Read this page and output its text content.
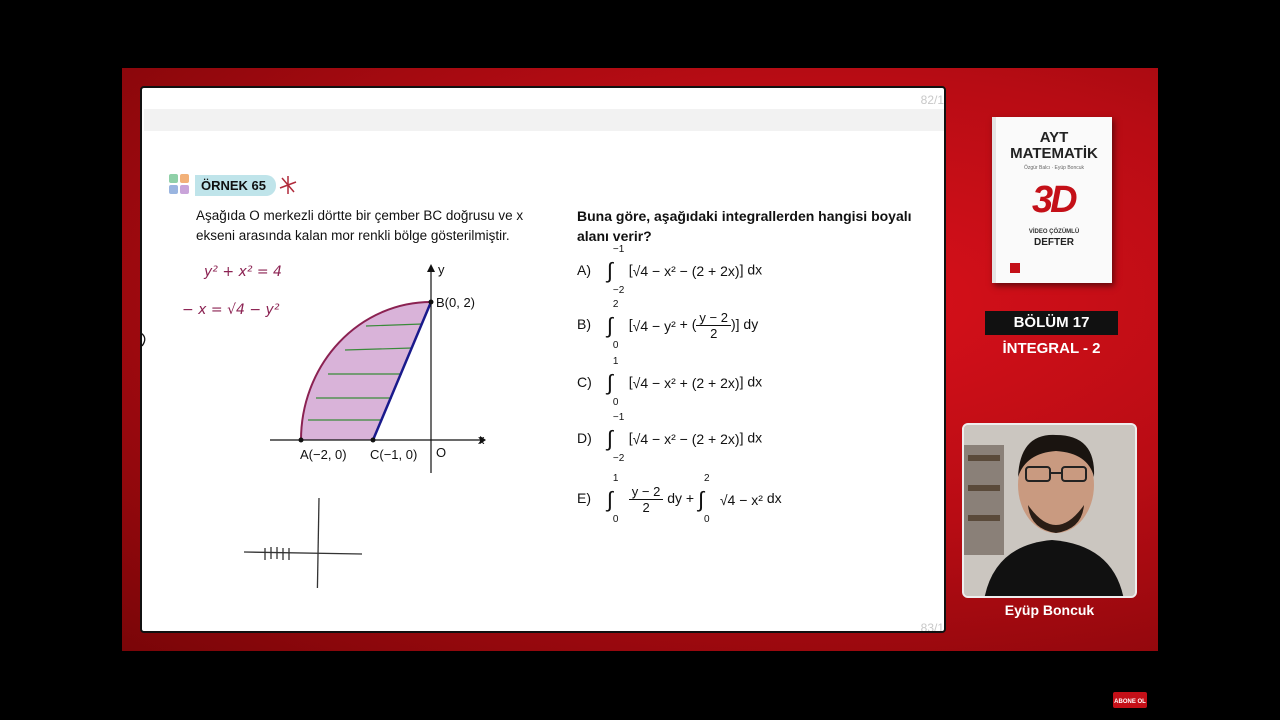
82/1
83/1
ÖRNEK 65
Aşağıda O merkezli dörtte bir çember BC doğrusu ve x ekseni arasında kalan mor renkli bölge gösterilmiştir.
y² + x² = 4
− x = √4 − y²
y
x
B(0, 2)
A(−2, 0) C(−1, 0) O
Buna göre, aşağıdaki integrallerden hangisi boyalı alanı verir?
A) ∫
−1
−2
[√4 − x² − (2 + 2x)] dx
B) ∫
2
0
[√4 − y² + ( $\frac{y - 2}{2}$ )] dy
C) ∫
1
0
[√4 − x² + (2 + 2x)] dx
D) ∫
−1
−2
[√4 − x² − (2 + 2x)] dx
E) ∫
1
0

$\frac{y - 2}{2}$ dy + ∫
2
0
√4 − x² dx
AYT
MATEMATİK
Özgür Balcı · Eyüp Boncuk
3D
VİDEO ÇÖZÜMLÜ
DEFTER
BÖLÜM 17
İNTEGRAL - 2
Eyüp Boncuk
ABONE OL
